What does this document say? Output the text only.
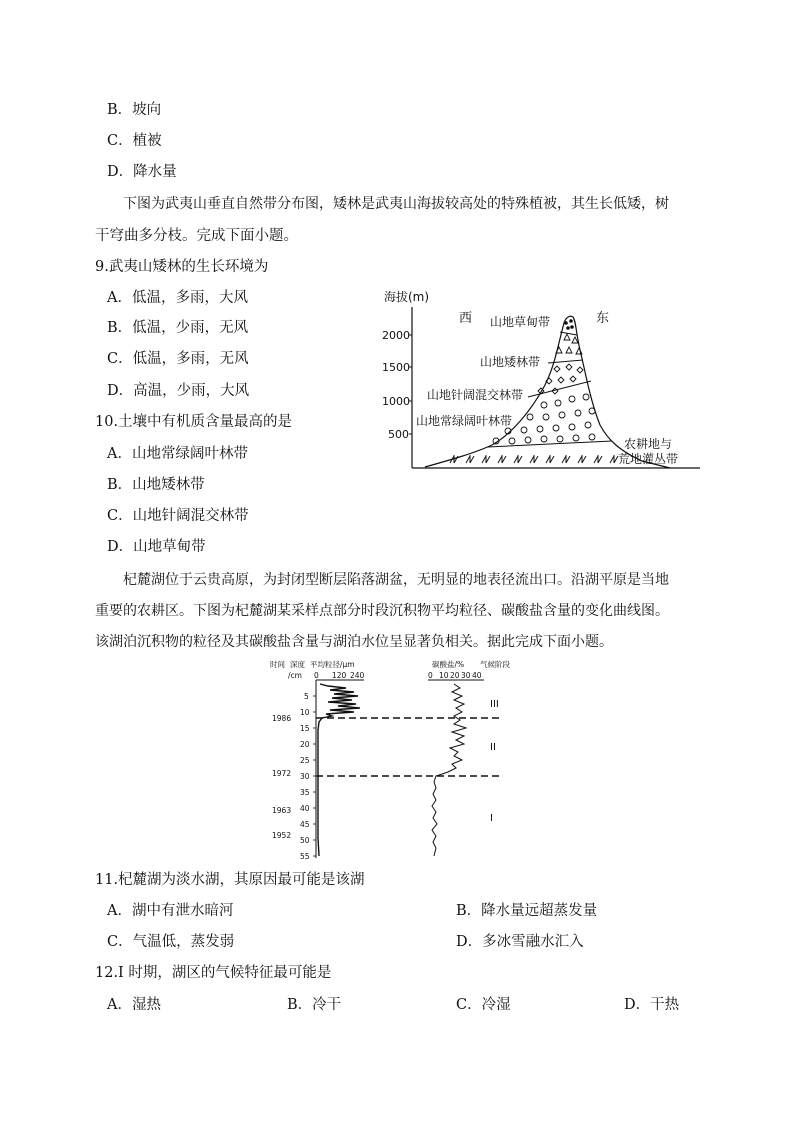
B．坡向
C．植被
D．降水量
下图为武夷山垂直自然带分布图，矮林是武夷山海拔较高处的特殊植被，其生长低矮，树
干穹曲多分枝。完成下面小题。
9.武夷山矮林的生长环境为
A．低温，多雨，大风
B．低温，少雨，无风
C．低温，多雨，无风
D．高温，少雨，大风
10.土壤中有机质含量最高的是
A．山地常绿阔叶林带
B．山地矮林带
C．山地针阔混交林带
D．山地草甸带
海拔(m)
2000
1500
1000
500
西	东
山地草甸带
山地矮林带
山地针阔混交林带
山地常绿阔叶林带
农耕地与
荒地灌丛带
杞麓湖位于云贵高原，为封闭型断层陷落湖盆，无明显的地表径流出口。沿湖平原是当地
重要的农耕区。下图为杞麓湖某采样点部分时段沉积物平均粒径、碳酸盐含量的变化曲线图。
该湖泊沉积物的粒径及其碳酸盐含量与湖泊水位呈显著负相关。据此完成下面小题。
时间 深度
/cm
平均粒径/μm
0 120 240
碳酸盐/% 气候阶段
0 10 20 30 40
5
10
15
20
25
30
35
40
45
50
55
1986
1972
1963
1952
III
II
I
11.杞麓湖为淡水湖，其原因最可能是该湖
A．湖中有泄水暗河	B．降水量远超蒸发量
C．气温低，蒸发弱	D．多冰雪融水汇入
12.I 时期，湖区的气候特征最可能是
A．湿热	B．冷干	C．冷湿	D．干热
